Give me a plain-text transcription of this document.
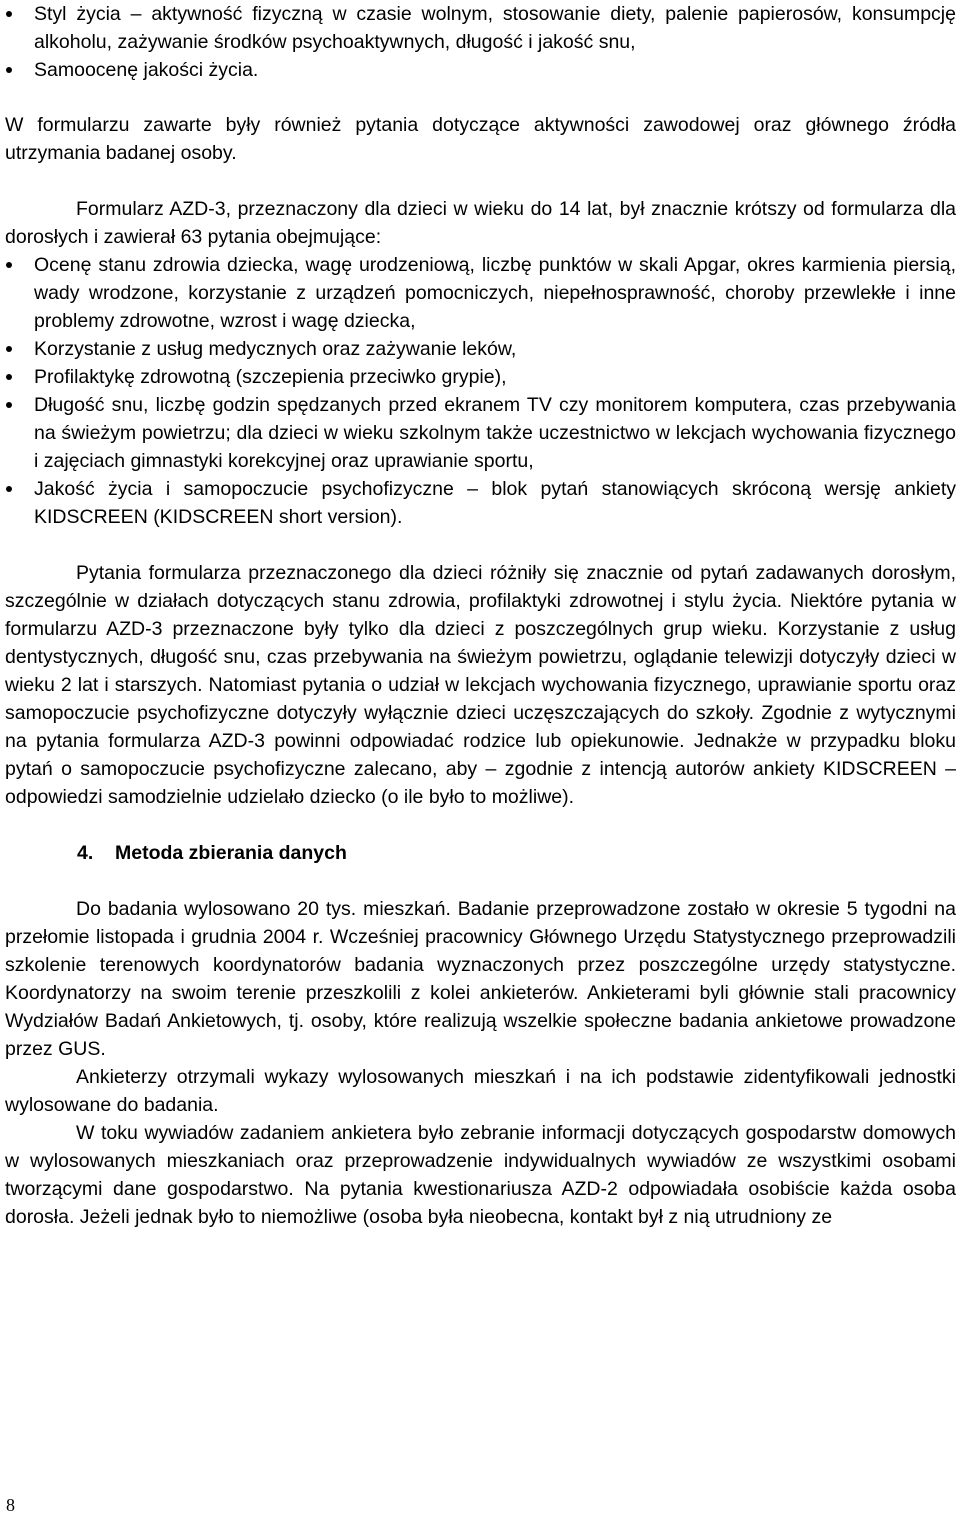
Styl życia – aktywność fizyczną w czasie wolnym, stosowanie diety, palenie papierosów, konsumpcję alkoholu, zażywanie środków psychoaktywnych, długość i jakość snu,
Samoocenę jakości życia.

W formularzu zawarte były również pytania dotyczące aktywności zawodowej oraz głównego źródła utrzymania badanej osoby.

Formularz AZD-3, przeznaczony dla dzieci w wieku do 14 lat, był znacznie krótszy od formularza dla dorosłych i zawierał 63 pytania obejmujące:

Ocenę stanu zdrowia dziecka, wagę urodzeniową, liczbę punktów w skali Apgar, okres karmienia piersią, wady wrodzone, korzystanie z urządzeń pomocniczych, niepełnosprawność, choroby przewlekłe i inne problemy zdrowotne, wzrost i wagę dziecka,
Korzystanie z usług medycznych oraz zażywanie leków,
Profilaktykę zdrowotną (szczepienia przeciwko grypie),
Długość snu, liczbę godzin spędzanych przed ekranem TV czy monitorem komputera, czas przebywania na świeżym powietrzu; dla dzieci w wieku szkolnym także uczestnictwo w lekcjach wychowania fizycznego i zajęciach gimnastyki korekcyjnej oraz uprawianie sportu,
Jakość życia i samopoczucie psychofizyczne – blok pytań stanowiących skróconą wersję ankiety KIDSCREEN (KIDSCREEN short version).

Pytania formularza przeznaczonego dla dzieci różniły się znacznie od pytań zadawanych dorosłym, szczególnie w działach dotyczących stanu zdrowia, profilaktyki zdrowotnej i stylu życia. Niektóre pytania w formularzu AZD-3 przeznaczone były tylko dla dzieci z poszczególnych grup wieku. Korzystanie z usług dentystycznych, długość snu, czas przebywania na świeżym powietrzu, oglądanie telewizji dotyczyły dzieci w wieku 2 lat i starszych. Natomiast pytania o udział w lekcjach wychowania fizycznego, uprawianie sportu oraz samopoczucie psychofizyczne dotyczyły wyłącznie dzieci uczęszczających do szkoły. Zgodnie z wytycznymi na pytania formularza AZD-3 powinni odpowiadać rodzice lub opiekunowie. Jednakże w przypadku bloku pytań o samopoczucie psychofizyczne zalecano, aby – zgodnie z intencją autorów ankiety KIDSCREEN – odpowiedzi samodzielnie udzielało dziecko (o ile było to możliwe).

4. Metoda zbierania danych

Do badania wylosowano 20 tys. mieszkań. Badanie przeprowadzone zostało w okresie 5 tygodni na przełomie listopada i grudnia 2004 r. Wcześniej pracownicy Głównego Urzędu Statystycznego przeprowadzili szkolenie terenowych koordynatorów badania wyznaczonych przez poszczególne urzędy statystyczne. Koordynatorzy na swoim terenie przeszkolili z kolei ankieterów. Ankieterami byli głównie stali pracownicy Wydziałów Badań Ankietowych, tj. osoby, które realizują wszelkie społeczne badania ankietowe prowadzone przez GUS.

Ankieterzy otrzymali wykazy wylosowanych mieszkań i na ich podstawie zidentyfikowali jednostki wylosowane do badania.

W toku wywiadów zadaniem ankietera było zebranie informacji dotyczących gospodarstw domowych w wylosowanych mieszkaniach oraz przeprowadzenie indywidualnych wywiadów ze wszystkimi osobami tworzącymi dane gospodarstwo. Na pytania kwestionariusza AZD-2 odpowiadała osobiście każda osoba dorosła. Jeżeli jednak było to niemożliwe (osoba była nieobecna, kontakt był z nią utrudniony ze

8
